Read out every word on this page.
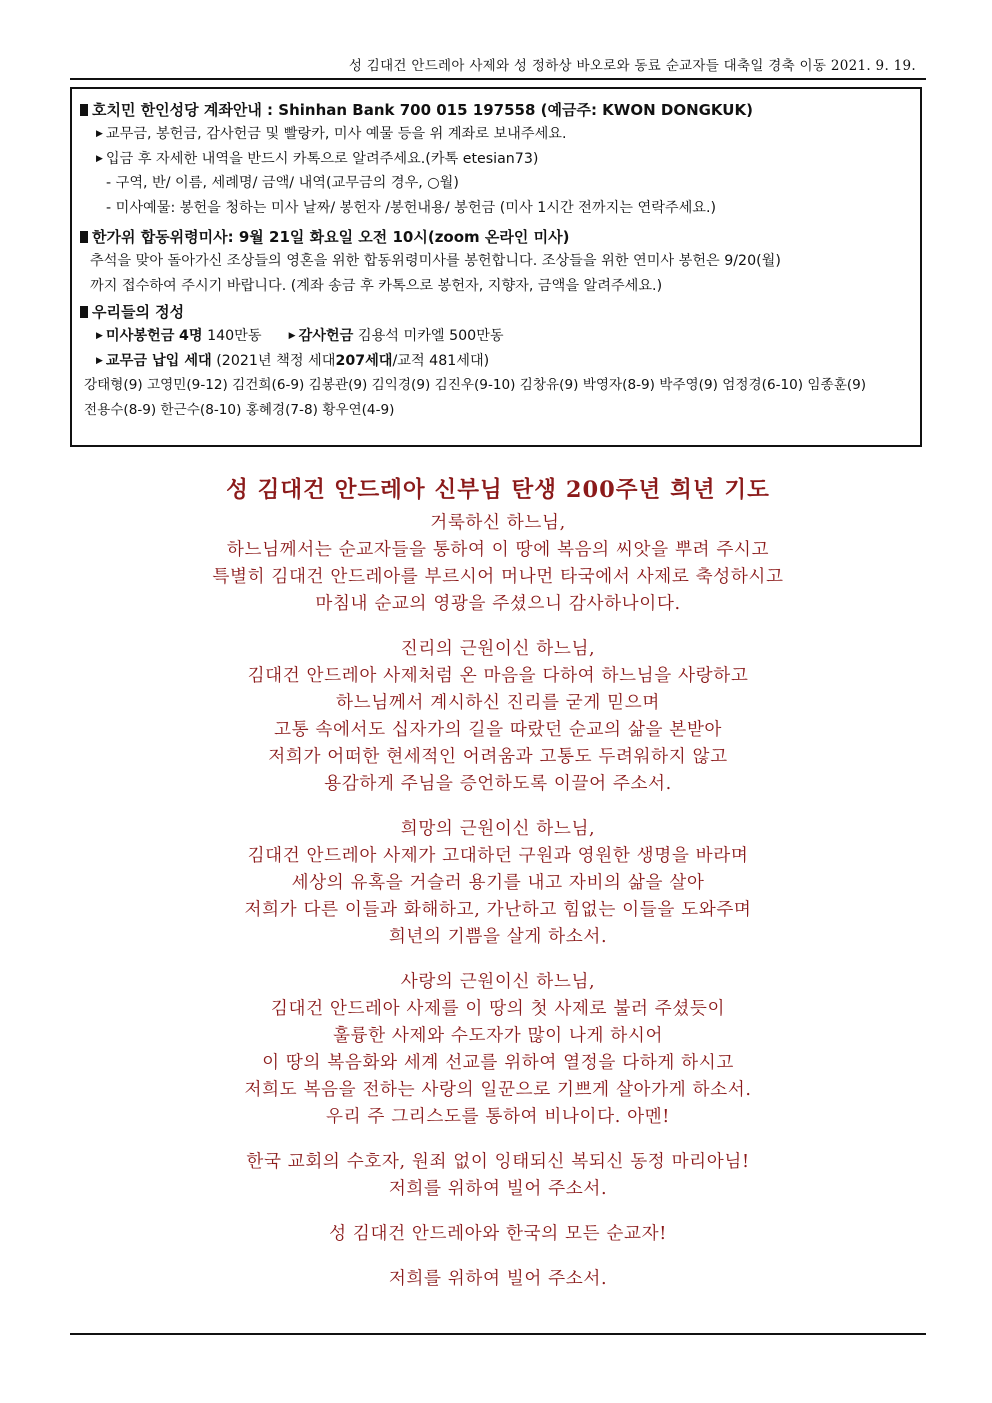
성 김대건 안드레아 사제와 성 정하상 바오로와 동료 순교자들 대축일 경축 이동 2021. 9. 19.
호치민 한인성당 계좌안내 : Shinhan Bank 700 015 197558 (예금주: KWON DONGKUK)
▶ 교무금, 봉헌금, 감사헌금 및 빨랑카, 미사 예물 등을 위 계좌로 보내주세요.
▶ 입금 후 자세한 내역을 반드시 카톡으로 알려주세요.(카톡 etesian73)
- 구역, 반/ 이름, 세례명/ 금액/ 내역(교무금의 경우, ○월)
- 미사예물: 봉헌을 청하는 미사 날짜/ 봉헌자 /봉헌내용/ 봉헌금 (미사 1시간 전까지는 연락주세요.)
한가위 합동위령미사: 9월 21일 화요일 오전 10시(zoom 온라인 미사)
추석을 맞아 돌아가신 조상들의 영혼을 위한 합동위령미사를 봉헌합니다. 조상들을 위한 연미사 봉헌은 9/20(월)
까지 접수하여 주시기 바랍니다. (계좌 송금 후 카톡으로 봉헌자, 지향자, 금액을 알려주세요.)
우리들의 정성
▶ 미사봉헌금 4명 140만동	▶ 감사헌금 김용석 미카엘 500만동
▶ 교무금 납입 세대 (2021년 책정 세대207세대/교적 481세대)
강태형(9) 고영민(9-12) 김건희(6-9) 김봉관(9) 김익경(9) 김진우(9-10) 김창유(9) 박영자(8-9) 박주영(9) 엄정경(6-10) 임종훈(9)
전용수(8-9) 한근수(8-10) 홍혜경(7-8) 황우연(4-9)
성 김대건 안드레아 신부님 탄생 200주년 희년 기도
거룩하신 하느님,
하느님께서는 순교자들을 통하여 이 땅에 복음의 씨앗을 뿌려 주시고
특별히 김대건 안드레아를 부르시어 머나먼 타국에서 사제로 축성하시고
마침내 순교의 영광을 주셨으니 감사하나이다.
진리의 근원이신 하느님,
김대건 안드레아 사제처럼 온 마음을 다하여 하느님을 사랑하고
하느님께서 계시하신 진리를 굳게 믿으며
고통 속에서도 십자가의 길을 따랐던 순교의 삶을 본받아
저희가 어떠한 현세적인 어려움과 고통도 두려워하지 않고
용감하게 주님을 증언하도록 이끌어 주소서.
희망의 근원이신 하느님,
김대건 안드레아 사제가 고대하던 구원과 영원한 생명을 바라며
세상의 유혹을 거슬러 용기를 내고 자비의 삶을 살아
저희가 다른 이들과 화해하고, 가난하고 힘없는 이들을 도와주며
희년의 기쁨을 살게 하소서.
사랑의 근원이신 하느님,
김대건 안드레아 사제를 이 땅의 첫 사제로 불러 주셨듯이
훌륭한 사제와 수도자가 많이 나게 하시어
이 땅의 복음화와 세계 선교를 위하여 열정을 다하게 하시고
저희도 복음을 전하는 사랑의 일꾼으로 기쁘게 살아가게 하소서.
우리 주 그리스도를 통하여 비나이다. 아멘!
한국 교회의 수호자, 원죄 없이 잉태되신 복되신 동정 마리아님!
저희를 위하여 빌어 주소서.
성 김대건 안드레아와 한국의 모든 순교자!
저희를 위하여 빌어 주소서.
